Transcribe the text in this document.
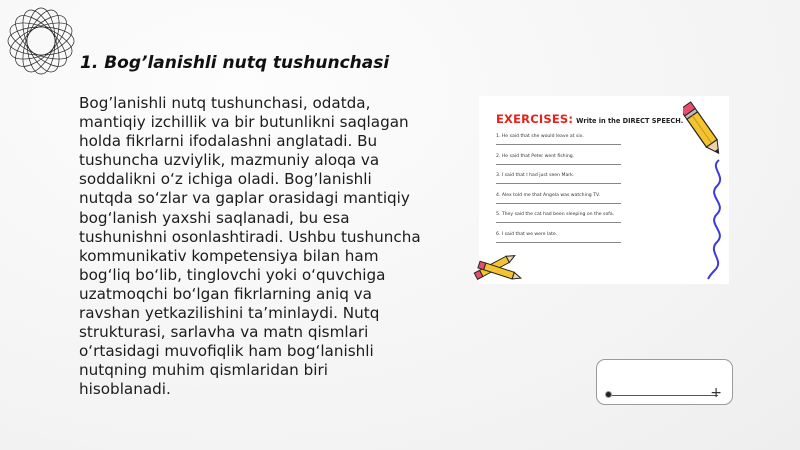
1. Bog’lanishli nutq tushunchasi

Bog’lanishli nutq tushunchasi, odatda, mantiqiy izchillik va bir butunlikni saqlagan holda fikrlarni ifodalashni anglatadi. Bu tushuncha uzviylik, mazmuniy aloqa va soddalikni o‘z ichiga oladi. Bog’lanishli nutqda so‘zlar va gaplar orasidagi mantiqiy bog‘lanish yaxshi saqlanadi, bu esa tushunishni osonlashtiradi. Ushbu tushuncha kommunikativ kompetensiya bilan ham bog‘liq bo‘lib, tinglovchi yoki o‘quvchiga uzatmoqchi bo‘lgan fikrlarning aniq va ravshan yetkazilishini ta’minlaydi. Nutq strukturasi, sarlavha va matn qismlari o‘rtasidagi muvofiqlik ham bog‘lanishli nutqning muhim qismlaridan biri hisoblanadi.

EXERCISES: Write in the DIRECT SPEECH.
1. He said that she would leave at six.
2. He said that Peter went fishing.
3. I said that I had just seen Mark.
4. Alex told me that Angela was watching TV.
5. They said the cat had been sleeping on the sofa.
6. I said that we were late.
+
